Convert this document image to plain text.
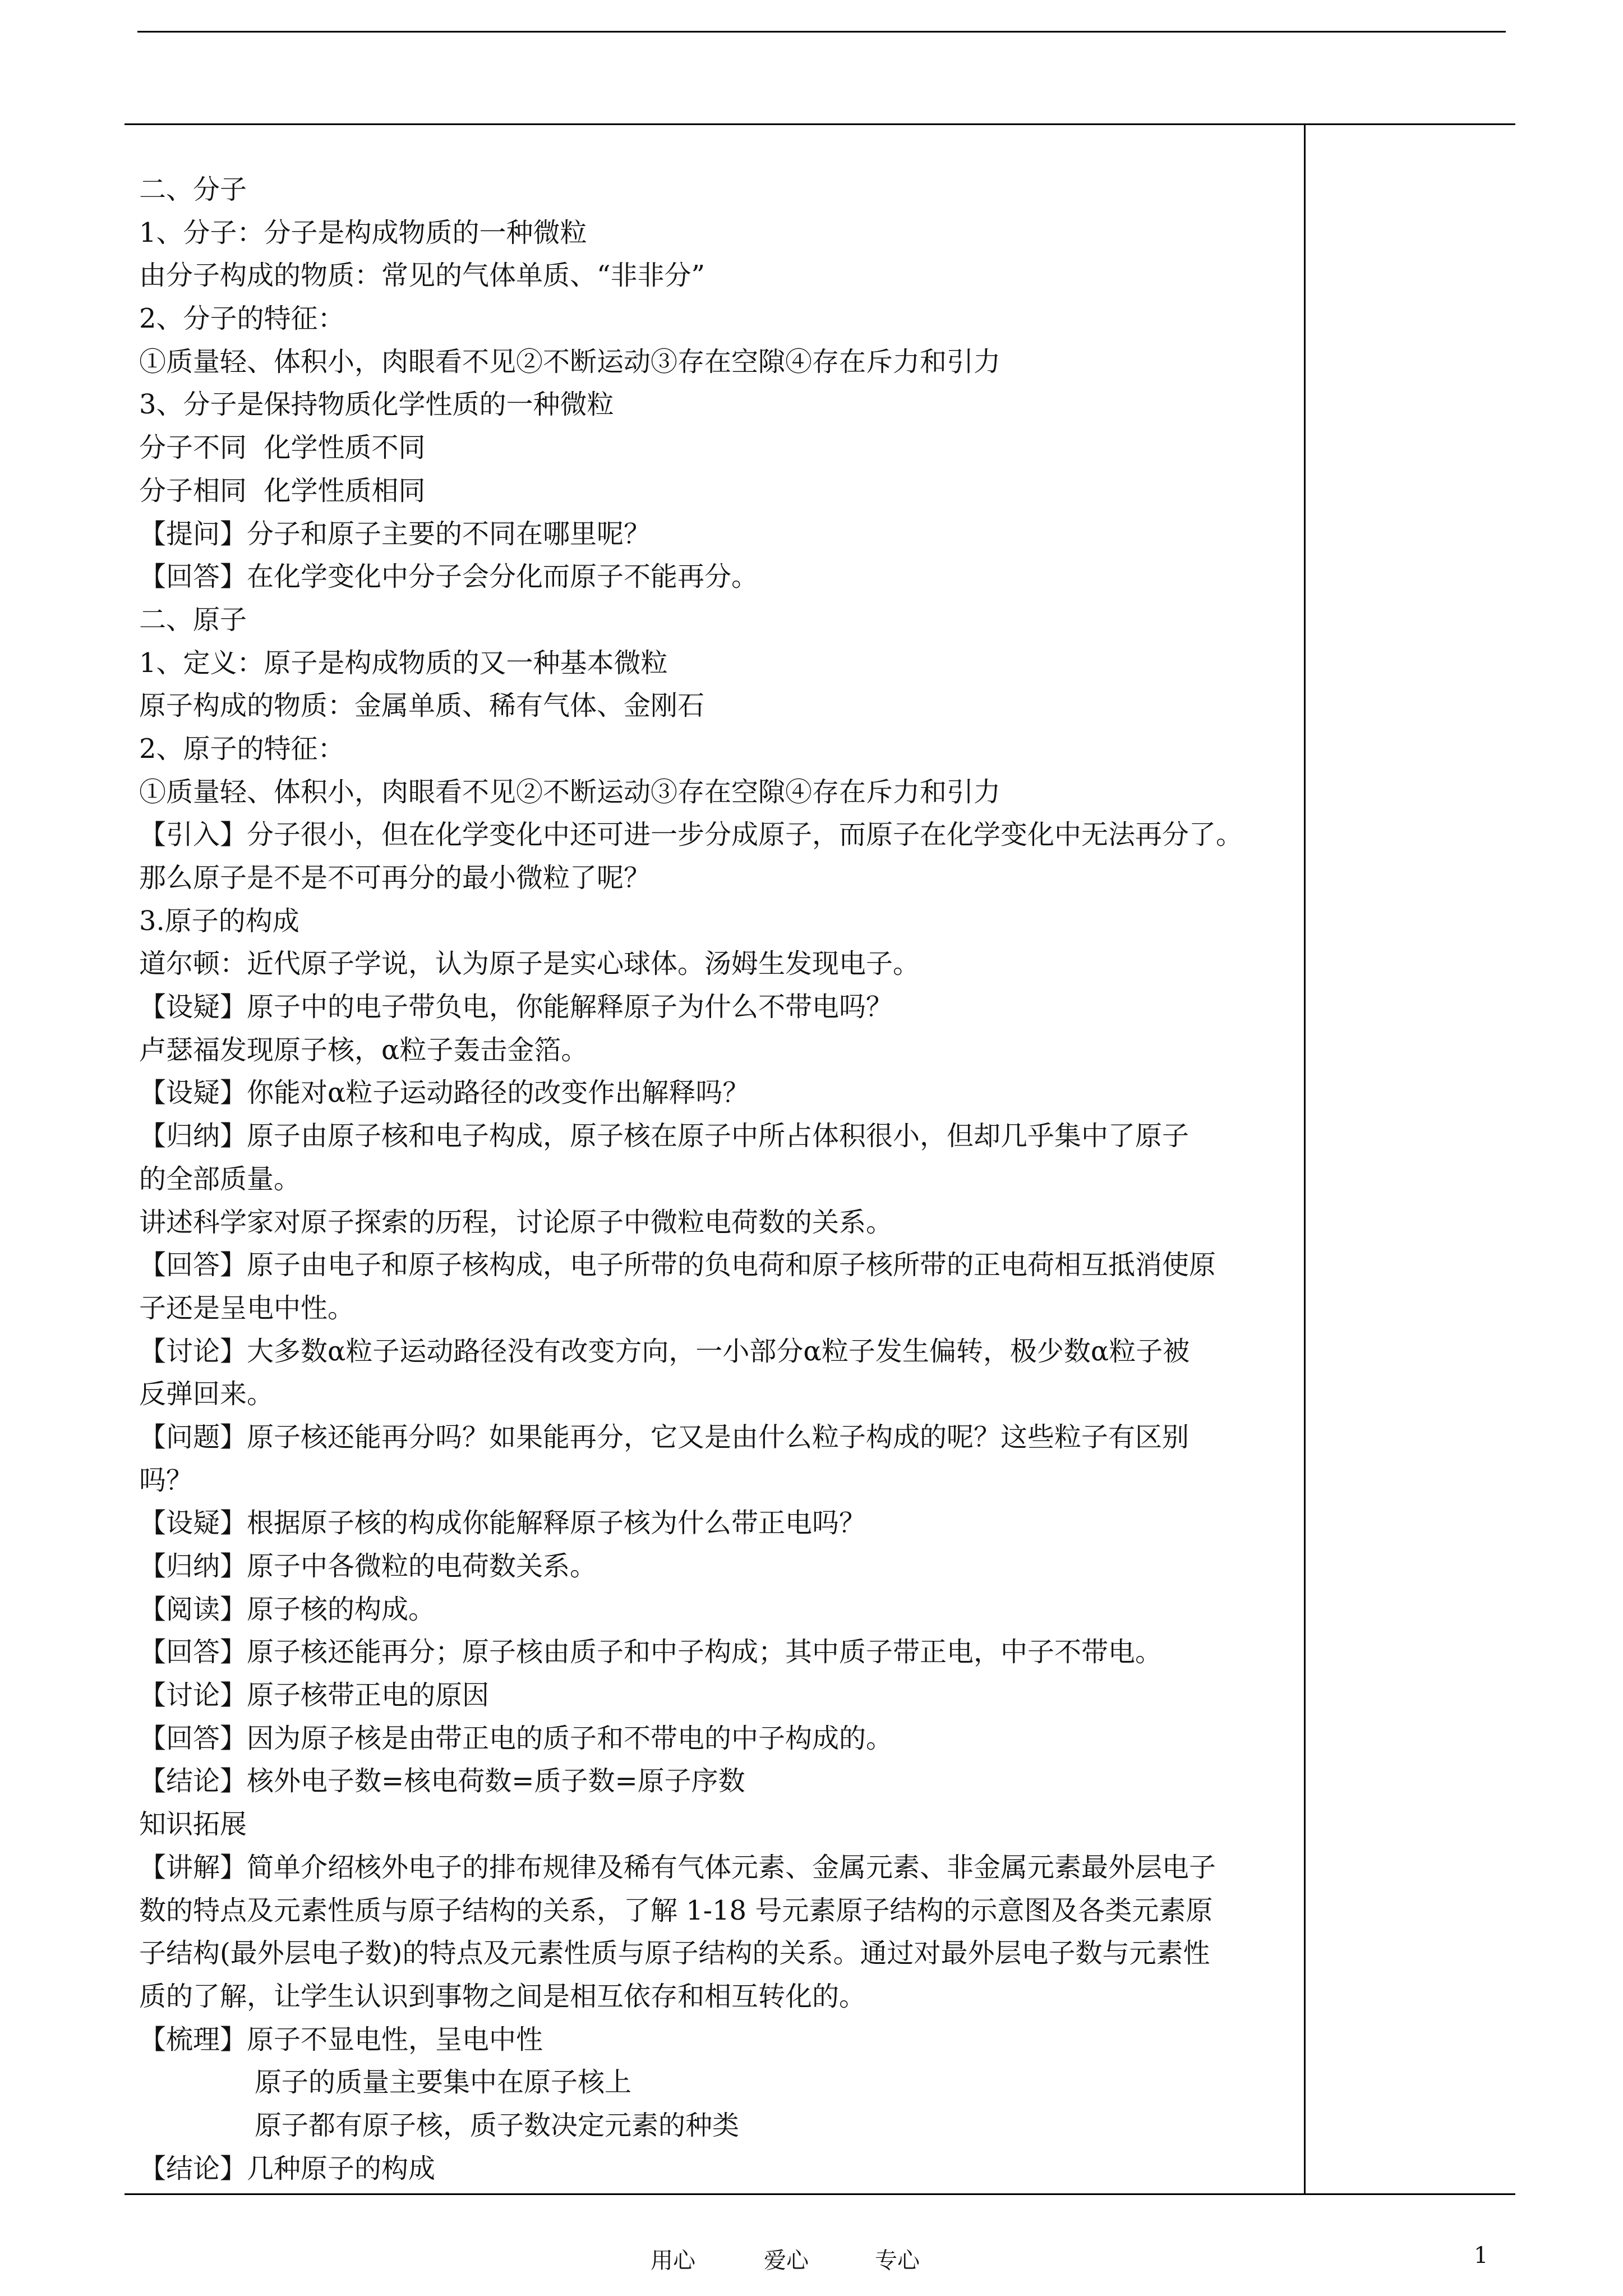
二、分子
1、分子：分子是构成物质的一种微粒
由分子构成的物质：常见的气体单质、“非非分”
2、分子的特征：
①质量轻、体积小，肉眼看不见②不断运动③存在空隙④存在斥力和引力
3、分子是保持物质化学性质的一种微粒
分子不同  化学性质不同
分子相同  化学性质相同
【提问】分子和原子主要的不同在哪里呢？
【回答】在化学变化中分子会分化而原子不能再分。
二、原子
1、定义：原子是构成物质的又一种基本微粒
原子构成的物质：金属单质、稀有气体、金刚石
2、原子的特征：
①质量轻、体积小，肉眼看不见②不断运动③存在空隙④存在斥力和引力
【引入】分子很小，但在化学变化中还可进一步分成原子，而原子在化学变化中无法再分了。
那么原子是不是不可再分的最小微粒了呢？
3.原子的构成
道尔顿：近代原子学说，认为原子是实心球体。汤姆生发现电子。
【设疑】原子中的电子带负电，你能解释原子为什么不带电吗？
卢瑟福发现原子核，α粒子轰击金箔。
【设疑】你能对α粒子运动路径的改变作出解释吗？
【归纳】原子由原子核和电子构成，原子核在原子中所占体积很小，但却几乎集中了原子
的全部质量。
讲述科学家对原子探索的历程，讨论原子中微粒电荷数的关系。
【回答】原子由电子和原子核构成，电子所带的负电荷和原子核所带的正电荷相互抵消使原
子还是呈电中性。
【讨论】大多数α粒子运动路径没有改变方向，一小部分α粒子发生偏转，极少数α粒子被
反弹回来。
【问题】原子核还能再分吗？如果能再分，它又是由什么粒子构成的呢？这些粒子有区别
吗？
【设疑】根据原子核的构成你能解释原子核为什么带正电吗？
【归纳】原子中各微粒的电荷数关系。
【阅读】原子核的构成。
【回答】原子核还能再分；原子核由质子和中子构成；其中质子带正电，中子不带电。
【讨论】原子核带正电的原因
【回答】因为原子核是由带正电的质子和不带电的中子构成的。
【结论】核外电子数=核电荷数=质子数=原子序数
知识拓展
【讲解】简单介绍核外电子的排布规律及稀有气体元素、金属元素、非金属元素最外层电子
数的特点及元素性质与原子结构的关系，了解 1-18 号元素原子结构的示意图及各类元素原
子结构(最外层电子数)的特点及元素性质与原子结构的关系。通过对最外层电子数与元素性
质的了解，让学生认识到事物之间是相互依存和相互转化的。
【梳理】原子不显电性，呈电中性
原子的质量主要集中在原子核上
原子都有原子核，质子数决定元素的种类
【结论】几种原子的构成
用心	爱心	专心	1
